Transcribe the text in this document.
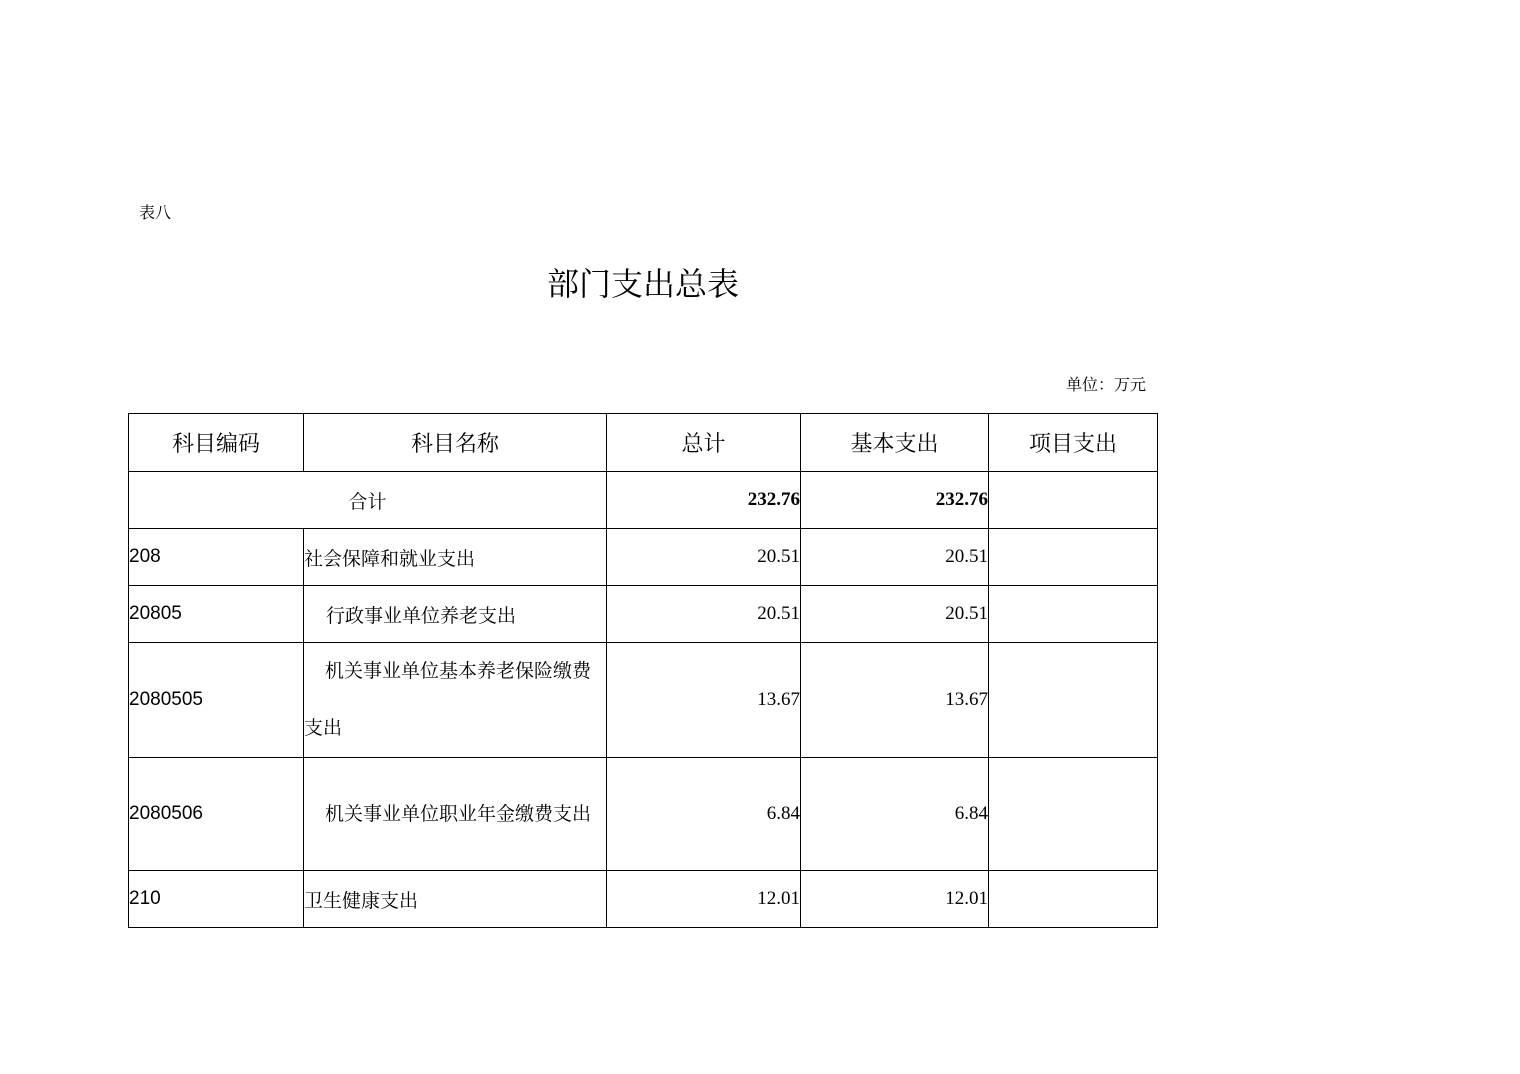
表八
部门支出总表
单位：万元
科目编码	科目名称	总计	基本支出	项目支出
合计		232.76	232.76	
208	社会保障和就业支出	20.51	20.51	
20805	行政事业单位养老支出	20.51	20.51	
2080505	机关事业单位基本养老保险缴费支出	13.67	13.67	
2080506	机关事业单位职业年金缴费支出	6.84	6.84	
210	卫生健康支出	12.01	12.01	
